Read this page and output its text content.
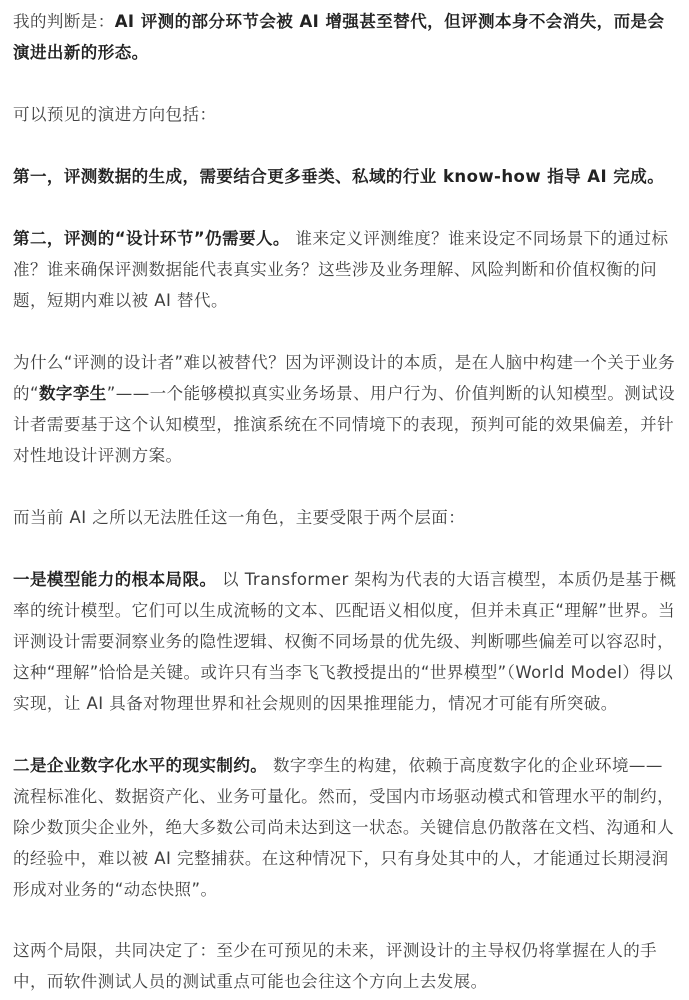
我的判断是：AI 评测的部分环节会被 AI 增强甚至替代，但评测本身不会消失，而是会演进出新的形态。

可以预见的演进方向包括：

第一，评测数据的生成，需要结合更多垂类、私域的行业 know-how 指导 AI 完成。

第二，评测的“设计环节”仍需要人。 谁来定义评测维度？谁来设定不同场景下的通过标准？谁来确保评测数据能代表真实业务？这些涉及业务理解、风险判断和价值权衡的问题，短期内难以被 AI 替代。

为什么“评测的设计者”难以被替代？因为评测设计的本质，是在人脑中构建一个关于业务的“数字孪生”——一个能够模拟真实业务场景、用户行为、价值判断的认知模型。测试设计者需要基于这个认知模型，推演系统在不同情境下的表现，预判可能的效果偏差，并针对性地设计评测方案。

而当前 AI 之所以无法胜任这一角色，主要受限于两个层面：

一是模型能力的根本局限。 以 Transformer 架构为代表的大语言模型，本质仍是基于概率的统计模型。它们可以生成流畅的文本、匹配语义相似度，但并未真正“理解”世界。当评测设计需要洞察业务的隐性逻辑、权衡不同场景的优先级、判断哪些偏差可以容忍时，这种“理解”恰恰是关键。或许只有当李飞飞教授提出的“世界模型”（World Model）得以实现，让 AI 具备对物理世界和社会规则的因果推理能力，情况才可能有所突破。

二是企业数字化水平的现实制约。 数字孪生的构建，依赖于高度数字化的企业环境——流程标准化、数据资产化、业务可量化。然而，受国内市场驱动模式和管理水平的制约，除少数顶尖企业外，绝大多数公司尚未达到这一状态。关键信息仍散落在文档、沟通和人的经验中，难以被 AI 完整捕获。在这种情况下，只有身处其中的人，才能通过长期浸润形成对业务的“动态快照”。

这两个局限，共同决定了：至少在可预见的未来，评测设计的主导权仍将掌握在人的手中，而软件测试人员的测试重点可能也会往这个方向上去发展。
